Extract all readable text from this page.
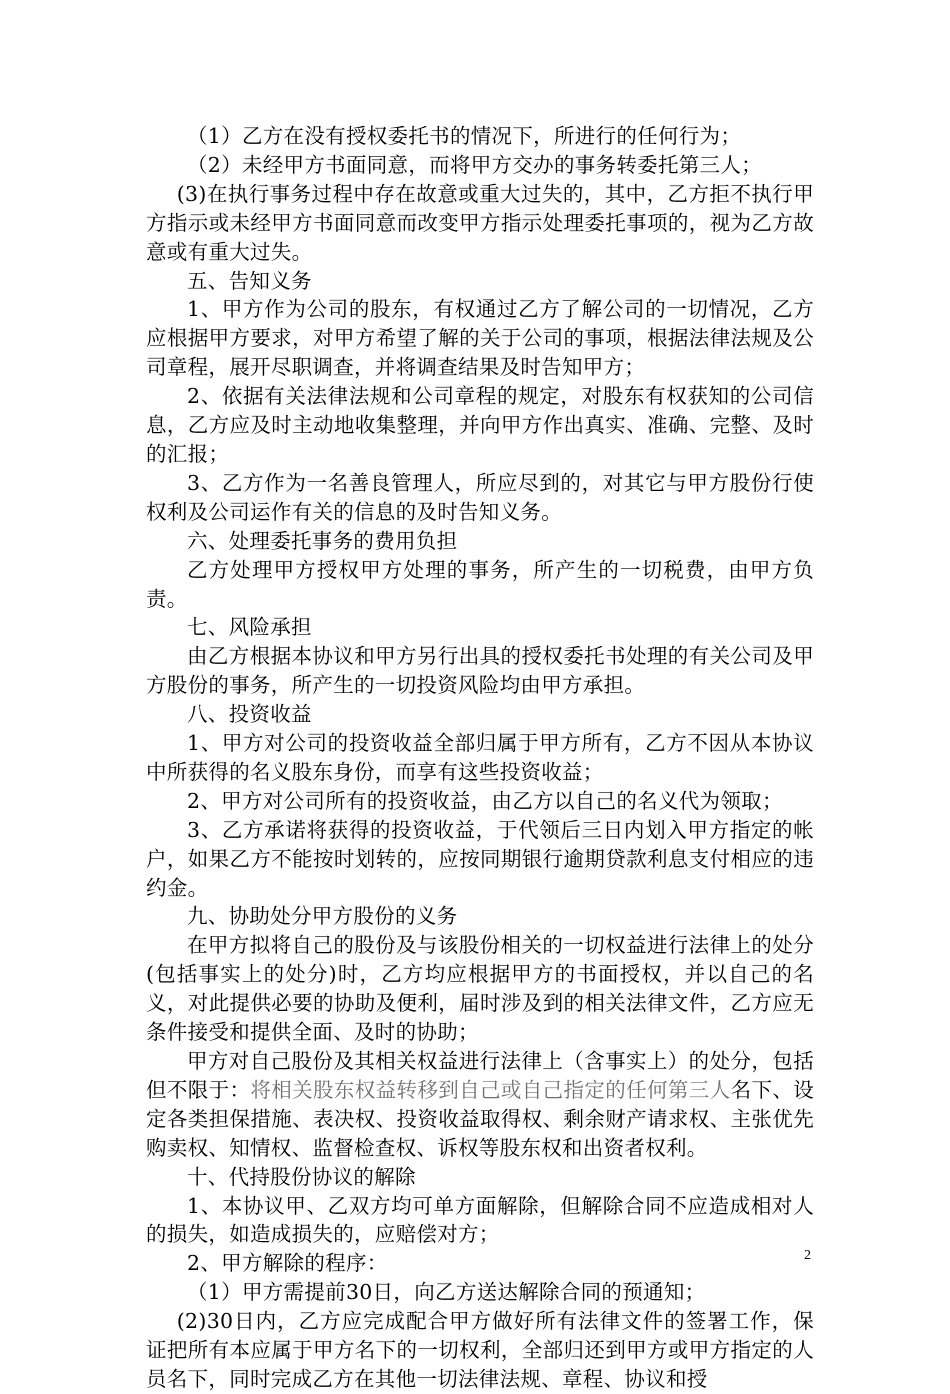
（1）乙方在没有授权委托书的情况下，所进行的任何行为；

（2）未经甲方书面同意，而将甲方交办的事务转委托第三人；

(3)在执行事务过程中存在故意或重大过失的，其中，乙方拒不执行甲方指示或未经甲方书面同意而改变甲方指示处理委托事项的，视为乙方故意或有重大过失。

五、告知义务

1、甲方作为公司的股东，有权通过乙方了解公司的一切情况，乙方应根据甲方要求，对甲方希望了解的关于公司的事项，根据法律法规及公司章程，展开尽职调查，并将调查结果及时告知甲方；

2、依据有关法律法规和公司章程的规定，对股东有权获知的公司信息，乙方应及时主动地收集整理，并向甲方作出真实、准确、完整、及时的汇报；

3、乙方作为一名善良管理人，所应尽到的，对其它与甲方股份行使权利及公司运作有关的信息的及时告知义务。

六、处理委托事务的费用负担

乙方处理甲方授权甲方处理的事务，所产生的一切税费，由甲方负责。

七、风险承担

由乙方根据本协议和甲方另行出具的授权委托书处理的有关公司及甲方股份的事务，所产生的一切投资风险均由甲方承担。

八、投资收益

1、甲方对公司的投资收益全部归属于甲方所有，乙方不因从本协议中所获得的名义股东身份，而享有这些投资收益；

2、甲方对公司所有的投资收益，由乙方以自己的名义代为领取；

3、乙方承诺将获得的投资收益，于代领后三日内划入甲方指定的帐户，如果乙方不能按时划转的，应按同期银行逾期贷款利息支付相应的违约金。

九、协助处分甲方股份的义务

在甲方拟将自己的股份及与该股份相关的一切权益进行法律上的处分(包括事实上的处分)时，乙方均应根据甲方的书面授权，并以自己的名义，对此提供必要的协助及便利，届时涉及到的相关法律文件，乙方应无条件接受和提供全面、及时的协助；

甲方对自己股份及其相关权益进行法律上（含事实上）的处分，包括但不限于：将相关股东权益转移到自己或自己指定的任何第三人名下、设定各类担保措施、表决权、投资收益取得权、剩余财产请求权、主张优先购卖权、知情权、监督检查权、诉权等股东权和出资者权利。

十、代持股份协议的解除

1、本协议甲、乙双方均可单方面解除，但解除合同不应造成相对人的损失，如造成损失的，应赔偿对方；

2、甲方解除的程序：

（1）甲方需提前30日，向乙方送达解除合同的预通知；

(2)30日内，乙方应完成配合甲方做好所有法律文件的签署工作，保证把所有本应属于甲方名下的一切权利，全部归还到甲方或甲方指定的人员名下，同时完成乙方在其他一切法律法规、章程、协议和授

2
